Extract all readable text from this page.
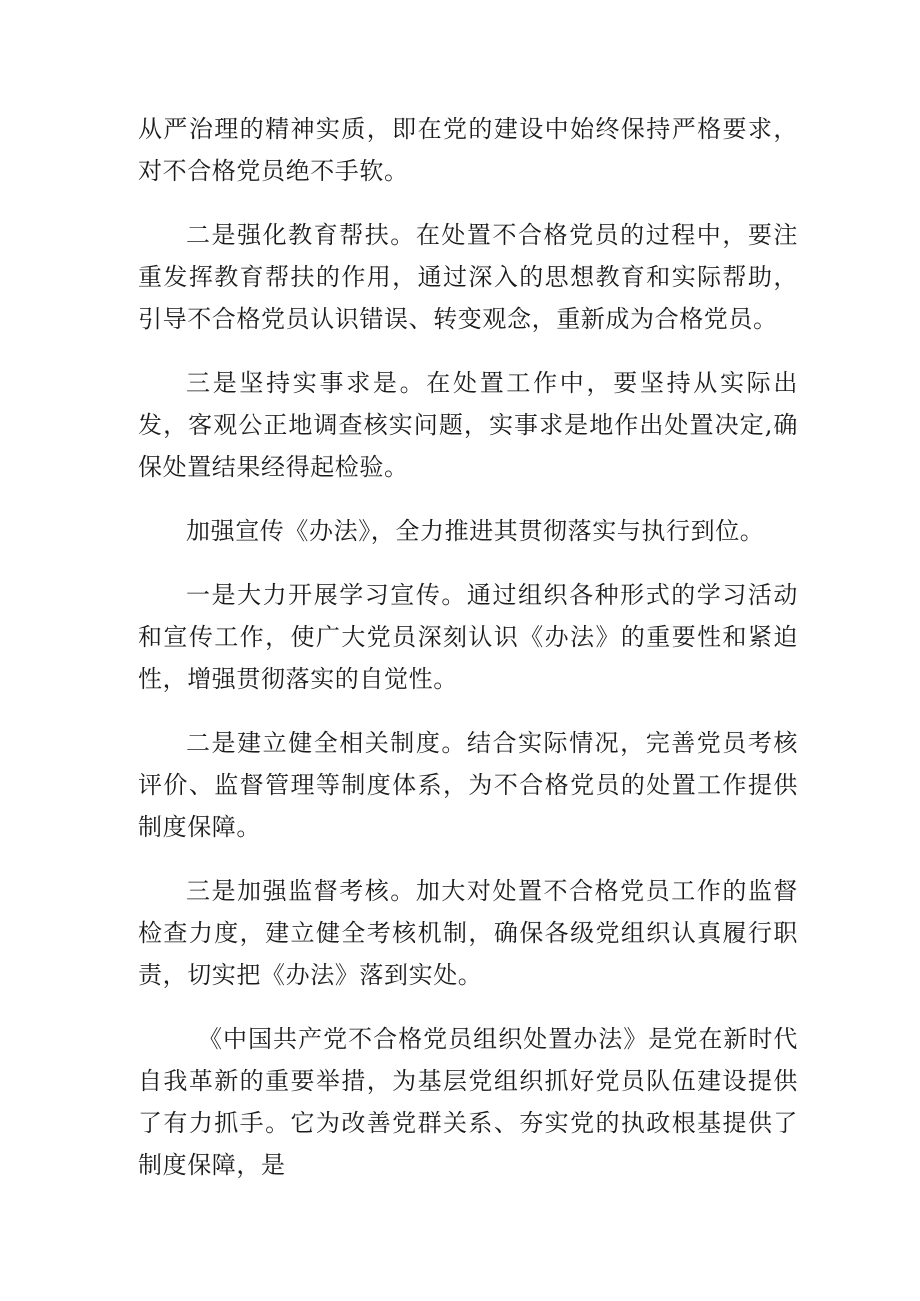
从严治理的精神实质，即在党的建设中始终保持严格要求，对不合格党员绝不手软。

二是强化教育帮扶。在处置不合格党员的过程中，要注重发挥教育帮扶的作用，通过深入的思想教育和实际帮助，引导不合格党员认识错误、转变观念，重新成为合格党员。

三是坚持实事求是。在处置工作中，要坚持从实际出发，客观公正地调查核实问题，实事求是地作出处置决定,确保处置结果经得起检验。

加强宣传《办法》，全力推进其贯彻落实与执行到位。

一是大力开展学习宣传。通过组织各种形式的学习活动和宣传工作，使广大党员深刻认识《办法》的重要性和紧迫性，增强贯彻落实的自觉性。

二是建立健全相关制度。结合实际情况，完善党员考核评价、监督管理等制度体系，为不合格党员的处置工作提供制度保障。

三是加强监督考核。加大对处置不合格党员工作的监督检查力度，建立健全考核机制，确保各级党组织认真履行职责，切实把《办法》落到实处。

《中国共产党不合格党员组织处置办法》是党在新时代自我革新的重要举措，为基层党组织抓好党员队伍建设提供了有力抓手。它为改善党群关系、夯实党的执政根基提供了制度保障，是
